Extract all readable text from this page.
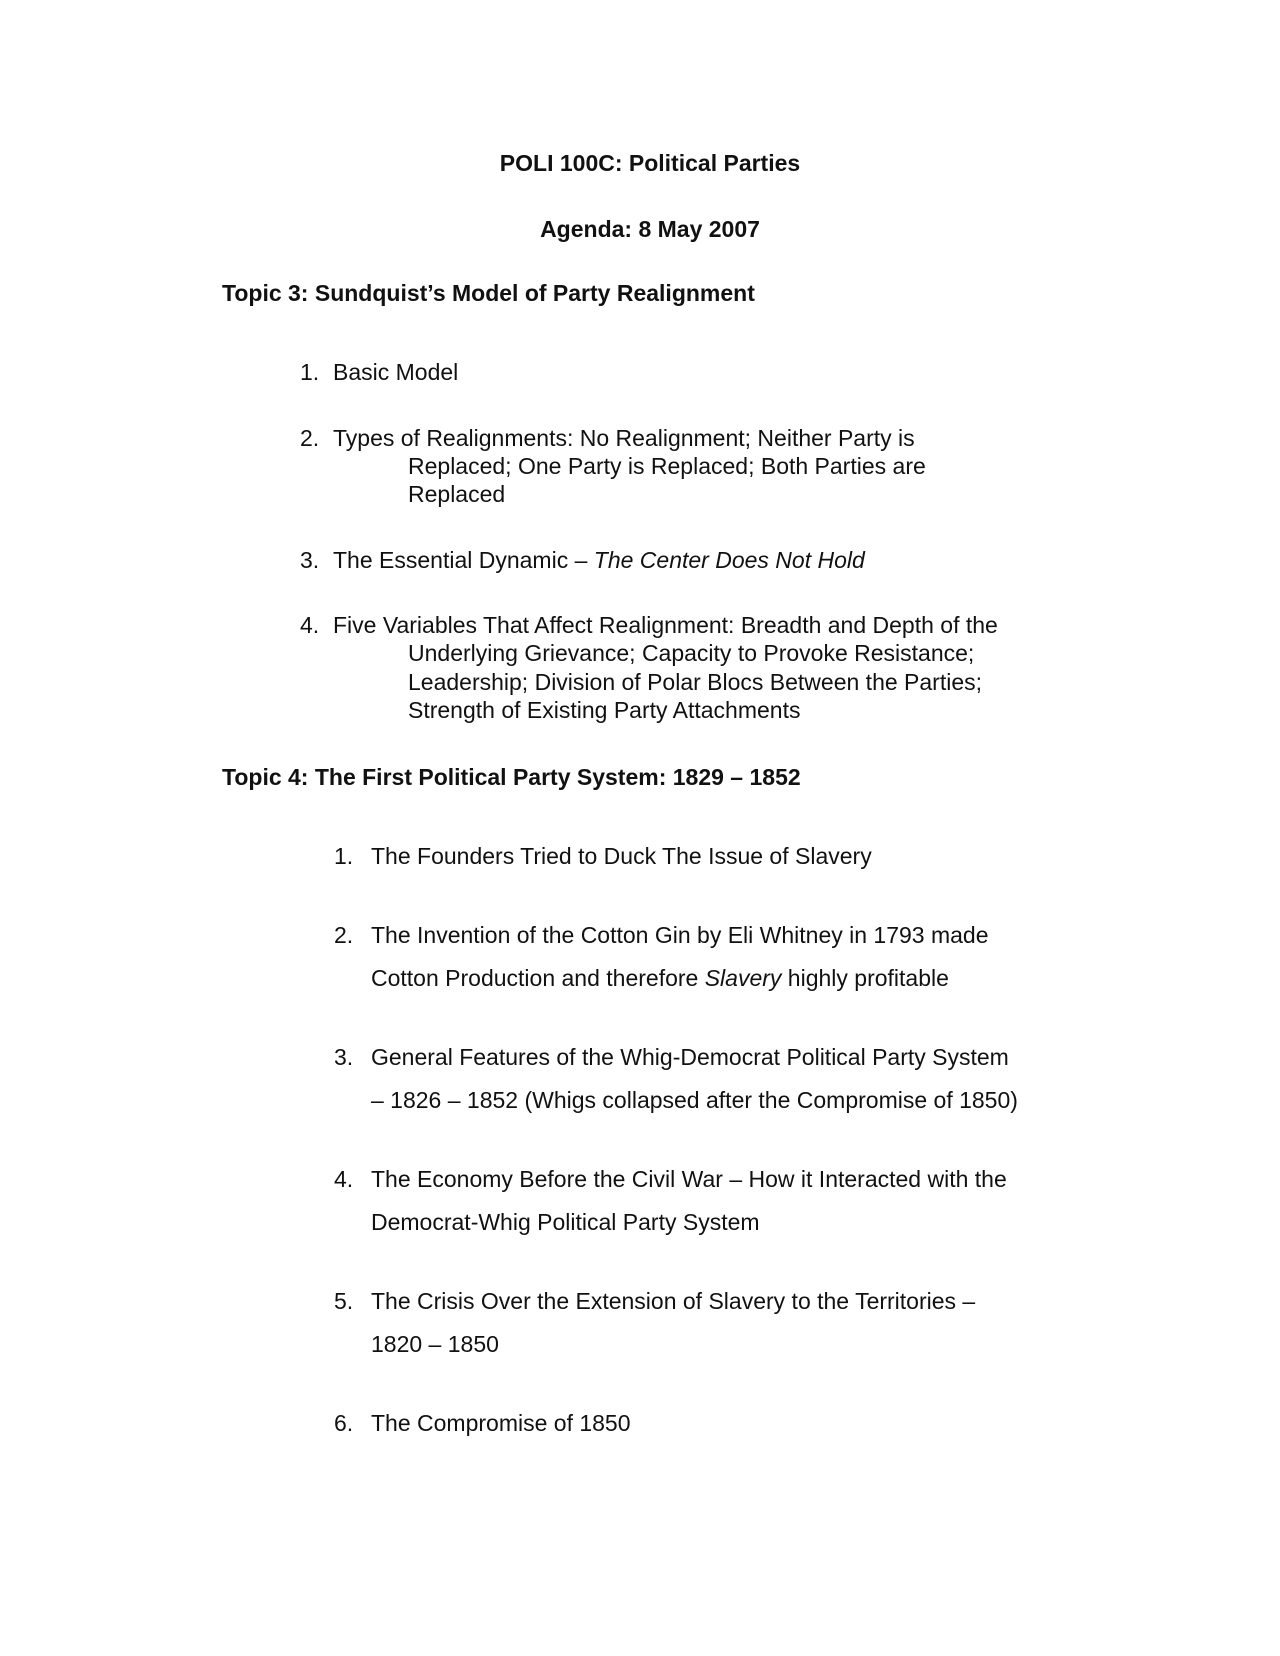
POLI 100C: Political Parties
Agenda: 8 May 2007
Topic 3: Sundquist’s Model of Party Realignment
1. Basic Model
2. Types of Realignments: No Realignment; Neither Party is
Replaced; One Party is Replaced; Both Parties are
Replaced
3. The Essential Dynamic – The Center Does Not Hold
4. Five Variables That Affect Realignment: Breadth and Depth of the
Underlying Grievance; Capacity to Provoke Resistance;
Leadership; Division of Polar Blocs Between the Parties;
Strength of Existing Party Attachments
Topic 4: The First Political Party System: 1829 – 1852
1. The Founders Tried to Duck The Issue of Slavery
2. The Invention of the Cotton Gin by Eli Whitney in 1793 made
Cotton Production and therefore Slavery highly profitable
3. General Features of the Whig-Democrat Political Party System
– 1826 – 1852 (Whigs collapsed after the Compromise of 1850)
4. The Economy Before the Civil War – How it Interacted with the
Democrat-Whig Political Party System
5. The Crisis Over the Extension of Slavery to the Territories –
1820 – 1850
6. The Compromise of 1850
